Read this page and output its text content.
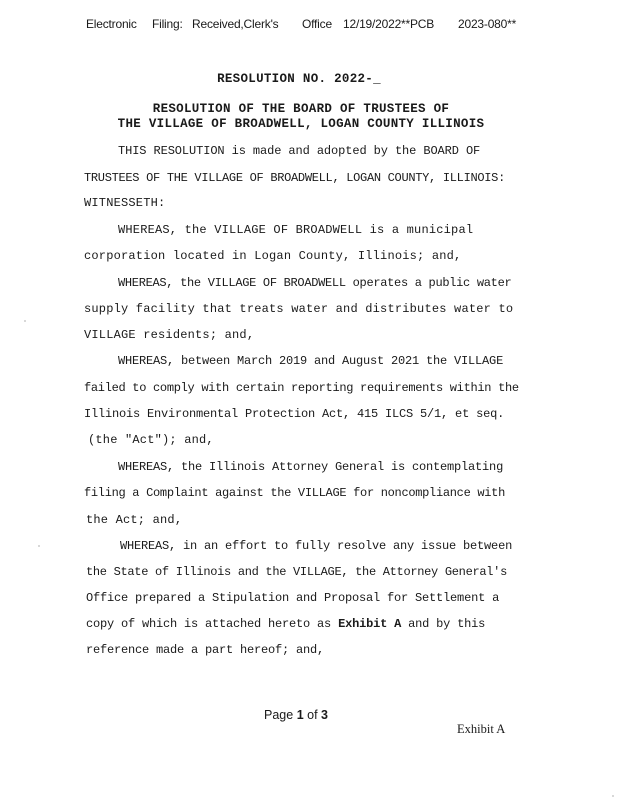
Electronic Filing: Received,Clerk's Office 12/19/2022**PCB 2023-080**
RESOLUTION NO. 2022-_
RESOLUTION OF THE BOARD OF TRUSTEES OF
THE VILLAGE OF BROADWELL, LOGAN COUNTY ILLINOIS
THIS RESOLUTION is made and adopted by the BOARD OF
TRUSTEES OF THE VILLAGE OF BROADWELL, LOGAN COUNTY, ILLINOIS:
WITNESSETH:
WHEREAS, the VILLAGE OF BROADWELL is a municipal
corporation located in Logan County, Illinois; and,
WHEREAS, the VILLAGE OF BROADWELL operates a public water
supply facility that treats water and distributes water to
VILLAGE residents; and,
WHEREAS, between March 2019 and August 2021 the VILLAGE
failed to comply with certain reporting requirements within the
Illinois Environmental Protection Act, 415 ILCS 5/1, et seq.
(the "Act"); and,
WHEREAS, the Illinois Attorney General is contemplating
filing a Complaint against the VILLAGE for noncompliance with
the Act; and,
WHEREAS, in an effort to fully resolve any issue between
the State of Illinois and the VILLAGE, the Attorney General's
Office prepared a Stipulation and Proposal for Settlement a
copy of which is attached hereto as Exhibit A and by this
reference made a part hereof; and,
Page 1 of 3
Exhibit A
